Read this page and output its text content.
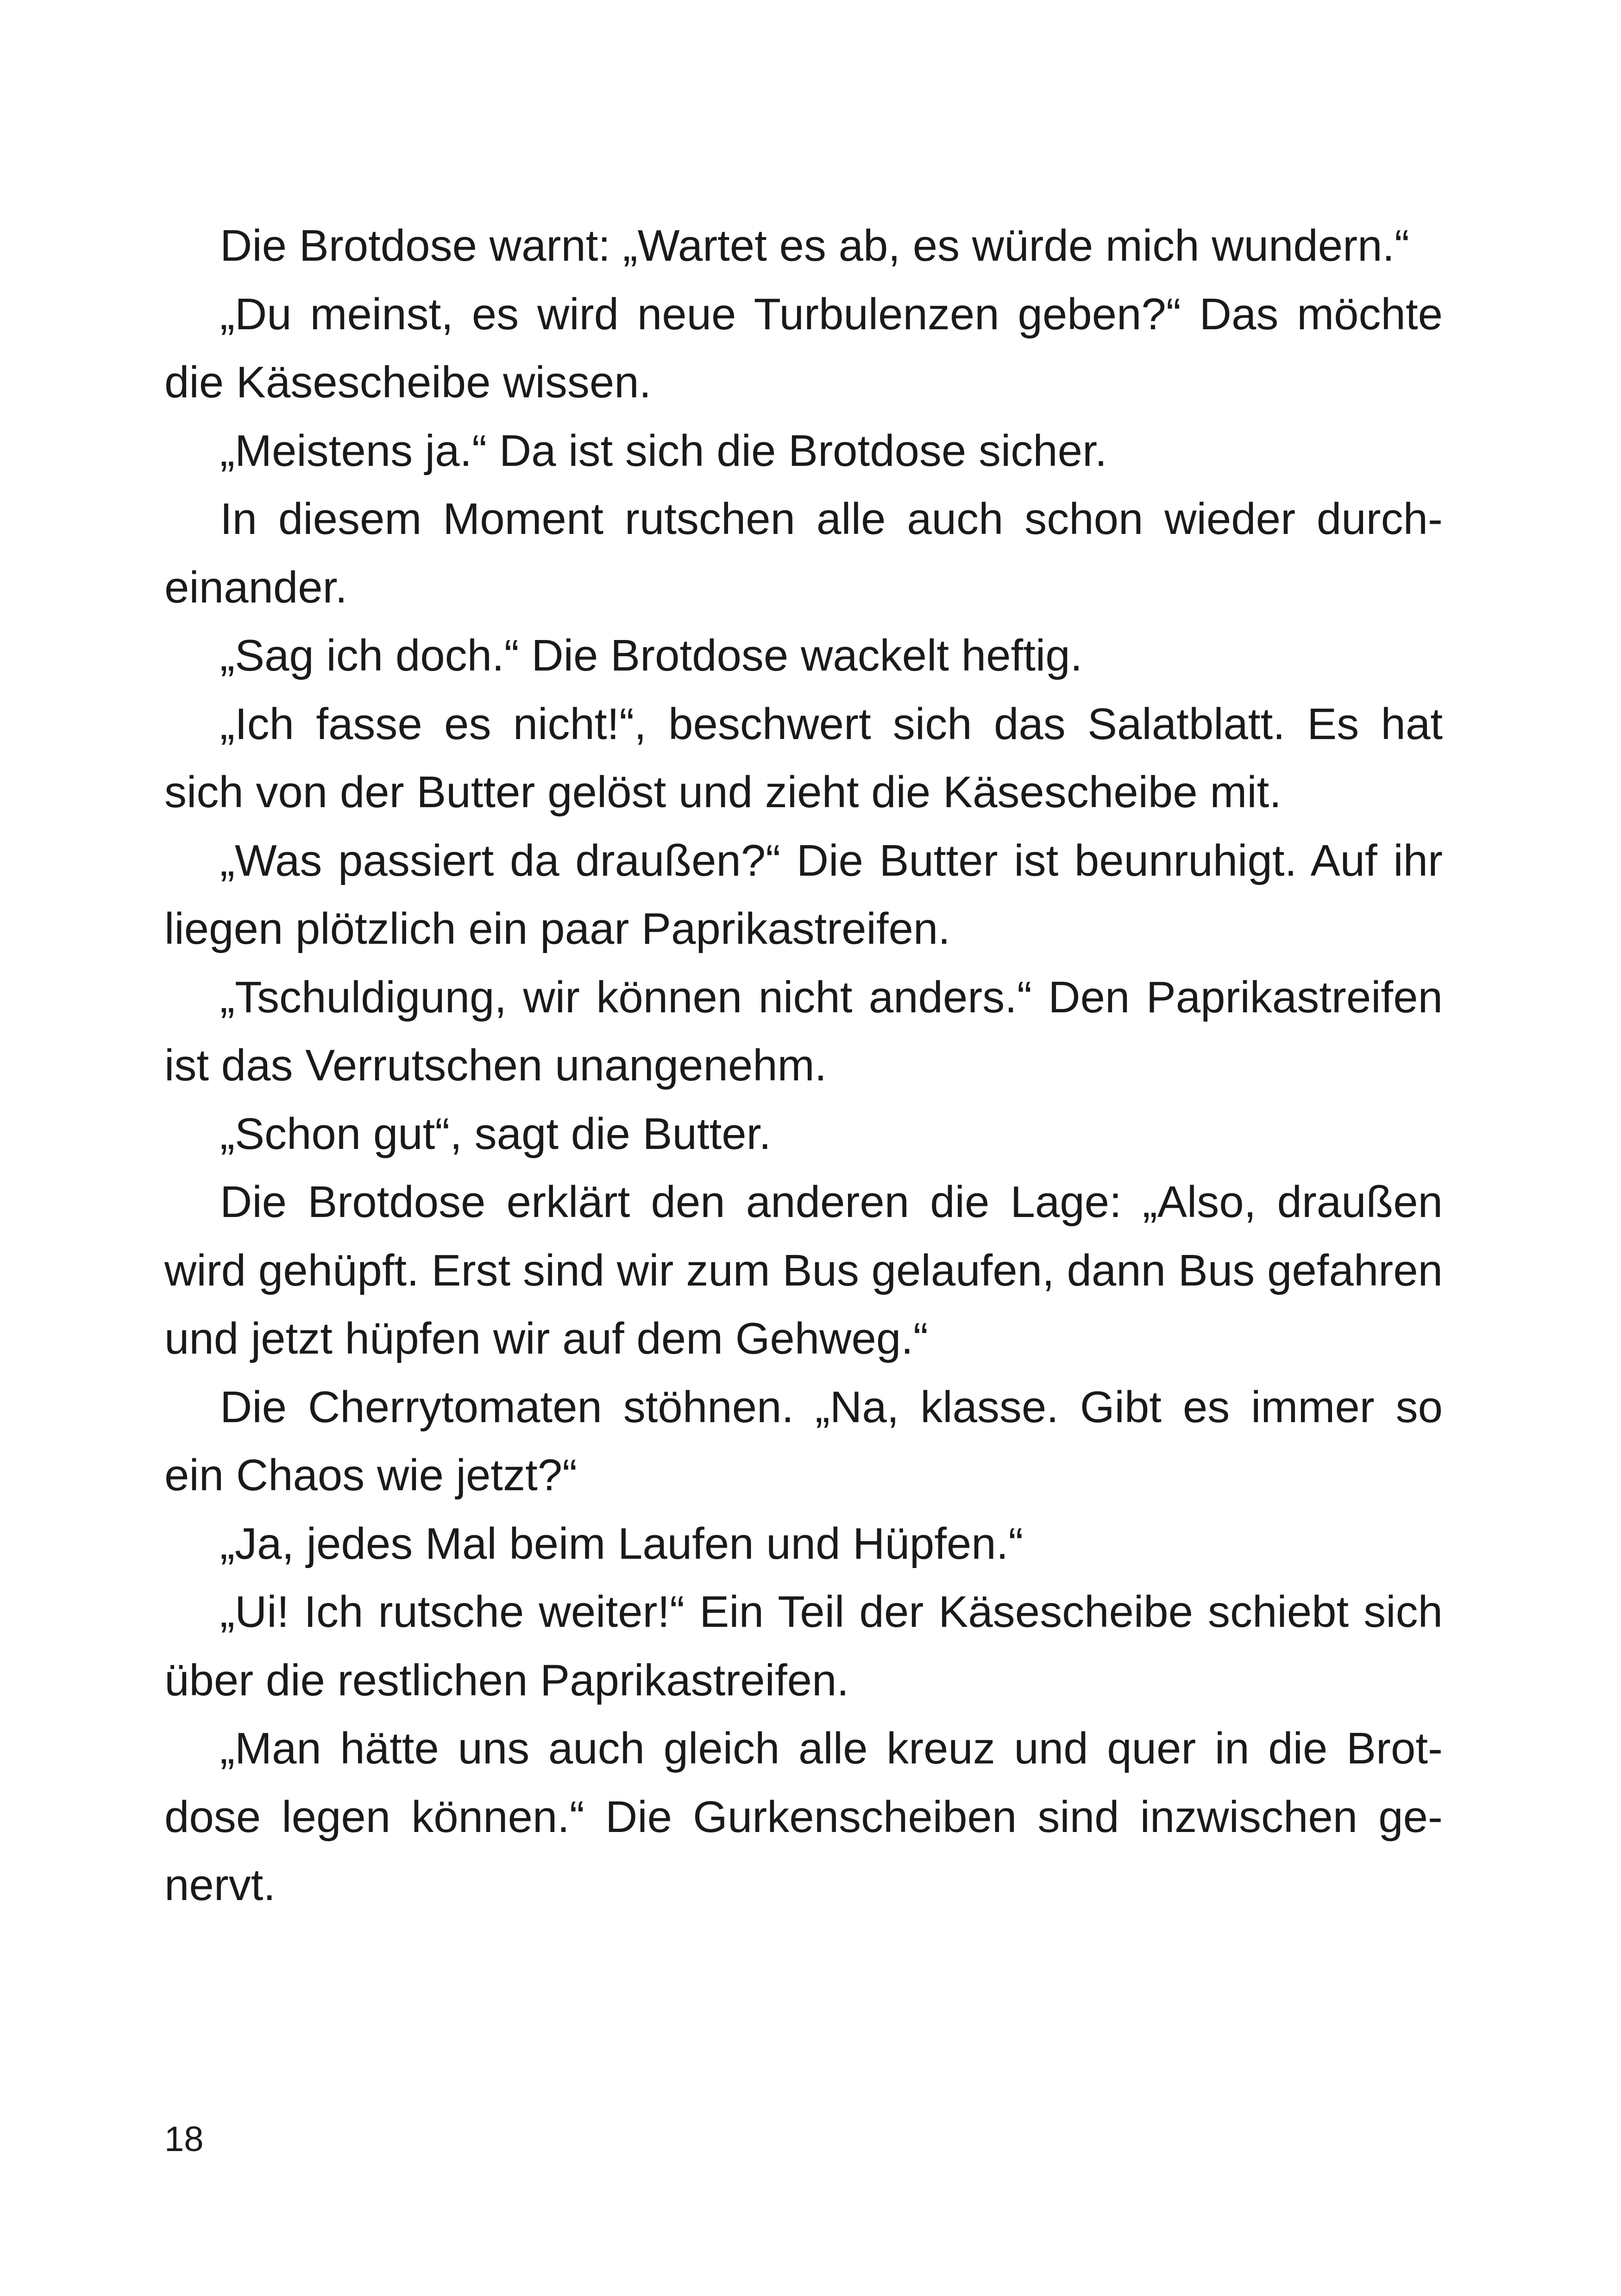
Die Brotdose warnt: „Wartet es ab, es würde mich wundern.“

„Du meinst, es wird neue Turbulenzen geben?“ Das möchte die Käsescheibe wissen.

„Meistens ja.“ Da ist sich die Brotdose sicher.

In diesem Moment rutschen alle auch schon wieder durcheinander.

„Sag ich doch.“ Die Brotdose wackelt heftig.

„Ich fasse es nicht!“, beschwert sich das Salatblatt. Es hat sich von der Butter gelöst und zieht die Käsescheibe mit.

„Was passiert da draußen?“ Die Butter ist beunruhigt. Auf ihr liegen plötzlich ein paar Paprikastreifen.

„Tschuldigung, wir können nicht anders.“ Den Paprikastreifen ist das Verrutschen unangenehm.

„Schon gut“, sagt die Butter.

Die Brotdose erklärt den anderen die Lage: „Also, draußen wird gehüpft. Erst sind wir zum Bus gelaufen, dann Bus gefahren und jetzt hüpfen wir auf dem Gehweg.“

Die Cherrytomaten stöhnen. „Na, klasse. Gibt es immer so ein Chaos wie jetzt?“

„Ja, jedes Mal beim Laufen und Hüpfen.“

„Ui! Ich rutsche weiter!“ Ein Teil der Käsescheibe schiebt sich über die restlichen Paprikastreifen.

„Man hätte uns auch gleich alle kreuz und quer in die Brotdose legen können.“ Die Gurkenscheiben sind inzwischen genervt.

18
